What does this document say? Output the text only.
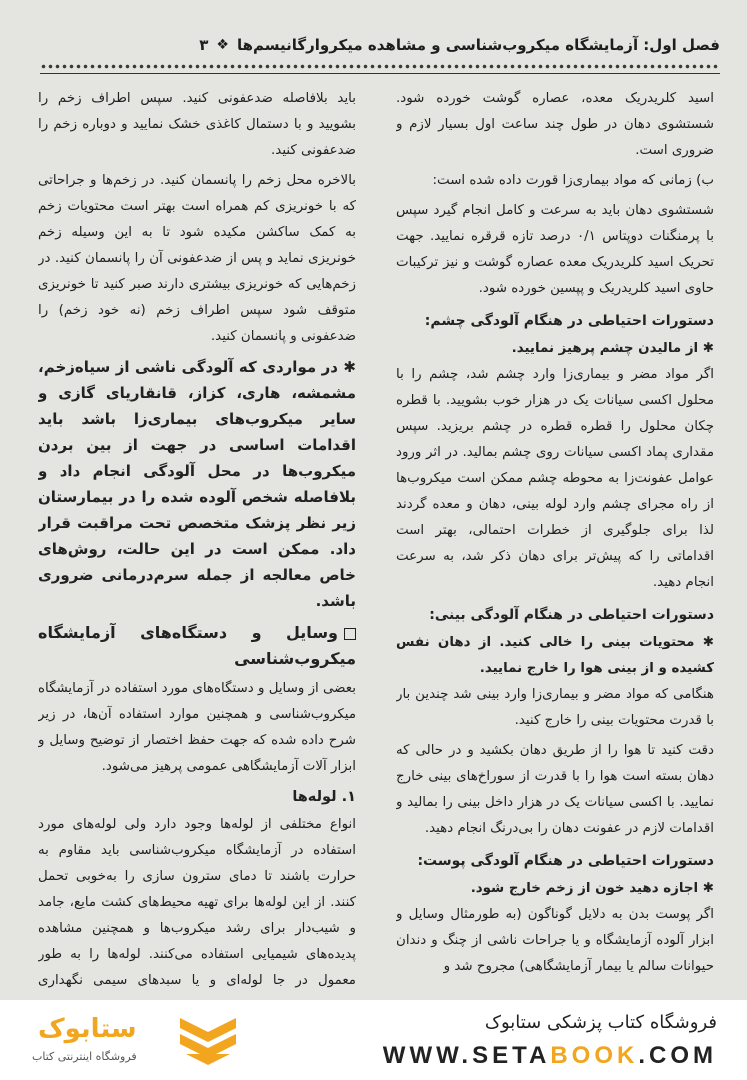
فصل اول: آزمایشگاه میکروب‌شناسی و مشاهده میکروارگانیسم‌ها
❖
۳

اسید کلریدریک معده، عصاره گوشت خورده شود. شستشوی دهان در طول چند ساعت اول بسیار لازم و ضروری است.

ب) زمانی که مواد بیماری‌زا قورت داده شده است:

شستشوی دهان باید به سرعت و کامل انجام گیرد سپس با پرمنگنات دوپتاس ۰/۱ درصد تازه قرقره نمایید. جهت تحریک اسید کلریدریک معده عصاره گوشت و نیز ترکیبات حاوی اسید کلریدریک و پپسین خورده شود.

دستورات احتیاطی در هنگام آلودگی چشم:
✱ از مالیدن چشم پرهیز نمایید.

اگر مواد مضر و بیماری‌زا وارد چشم شد، چشم را با محلول اکسی سیانات یک در هزار خوب بشویید. با قطره چکان محلول را قطره قطره در چشم بریزید. سپس مقداری پماد اکسی سیانات روی چشم بمالید. در اثر ورود عوامل عفونت‌زا به محوطه چشم ممکن است میکروب‌ها از راه مجرای چشم وارد لوله بینی، دهان و معده گردند لذا برای جلوگیری از خطرات احتمالی، بهتر است اقداماتی را که پیش‌تر برای دهان ذکر شد، به سرعت انجام دهید.

دستورات احتیاطی در هنگام آلودگی بینی:
✱ محتویات بینی را خالی کنید. از دهان نفس کشیده و از بینی هوا را خارج نمایید.

هنگامی که مواد مضر و بیماری‌زا وارد بینی شد چندین بار با قدرت محتویات بینی را خارج کنید.

دقت کنید تا هوا را از طریق دهان بکشید و در حالی که دهان بسته است هوا را با قدرت از سوراخ‌های بینی خارج نمایید. با اکسی سیانات یک در هزار داخل بینی را بمالید و اقدامات لازم در عفونت دهان را بی‌درنگ انجام دهید.

دستورات احتیاطی در هنگام آلودگی پوست:
✱ اجازه دهید خون از زخم خارج شود.

اگر پوست بدن به دلایل گوناگون (به طورمثال وسایل و ابزار آلوده آزمایشگاه و یا جراحات ناشی از چنگ و دندان حیوانات سالم یا بیمار آزمایشگاهی) مجروح شد و

باید بلافاصله ضدعفونی کنید. سپس اطراف زخم را بشویید و با دستمال کاغذی خشک نمایید و دوباره زخم را ضدعفونی کنید.

بالاخره محل زخم را پانسمان کنید. در زخم‌ها و جراحاتی که با خونریزی کم همراه است بهتر است محتویات زخم به کمک ساکشن مکیده شود تا به این وسیله زخم خونریزی نماید و پس از ضدعفونی آن را پانسمان کنید. در زخم‌هایی که خونریزی بیشتری دارند صبر کنید تا خونریزی متوقف شود سپس اطراف زخم (نه خود زخم) را ضدعفونی و پانسمان کنید.

✱ در مواردی که آلودگی ناشی از سیاه‌زخم، مشمشه، هاری، کزاز، قانقاریای گازی و سایر میکروب‌های بیماری‌زا باشد باید اقدامات اساسی در جهت از بین بردن میکروب‌ها در محل آلودگی انجام داد و بلافاصله شخص آلوده شده را در بیمارستان زیر نظر پزشک متخصص تحت مراقبت قرار داد. ممکن است در این حالت، روش‌های خاص معالجه از جمله سرم‌درمانی ضروری باشد.

وسایل و دستگاه‌های آزمایشگاه میکروب‌شناسی

بعضی از وسایل و دستگاه‌های مورد استفاده در آزمایشگاه میکروب‌شناسی و همچنین موارد استفاده آن‌ها، در زیر شرح داده شده که جهت حفظ اختصار از توضیح وسایل و ابزار آلات آزمایشگاهی عمومی پرهیز می‌شود.

۱. لوله‌ها

انواع مختلفی از لوله‌ها وجود دارد ولی لوله‌های مورد استفاده در آزمایشگاه میکروب‌شناسی باید مقاوم به حرارت باشند تا دمای سترون سازی را به‌خوبی تحمل کنند. از این لوله‌ها برای تهیه محیط‌های کشت مایع، جامد و شیب‌دار برای رشد میکروب‌ها و همچنین مشاهده پدیده‌های شیمیایی استفاده می‌کنند. لوله‌ها را به طور معمول در جا لوله‌ای و یا سبدهای سیمی نگهداری

ستابوک
فروشگاه اینترنتی کتاب
فروشگاه کتاب پزشکی ستابوک
WWW.SETABOOK.COM
